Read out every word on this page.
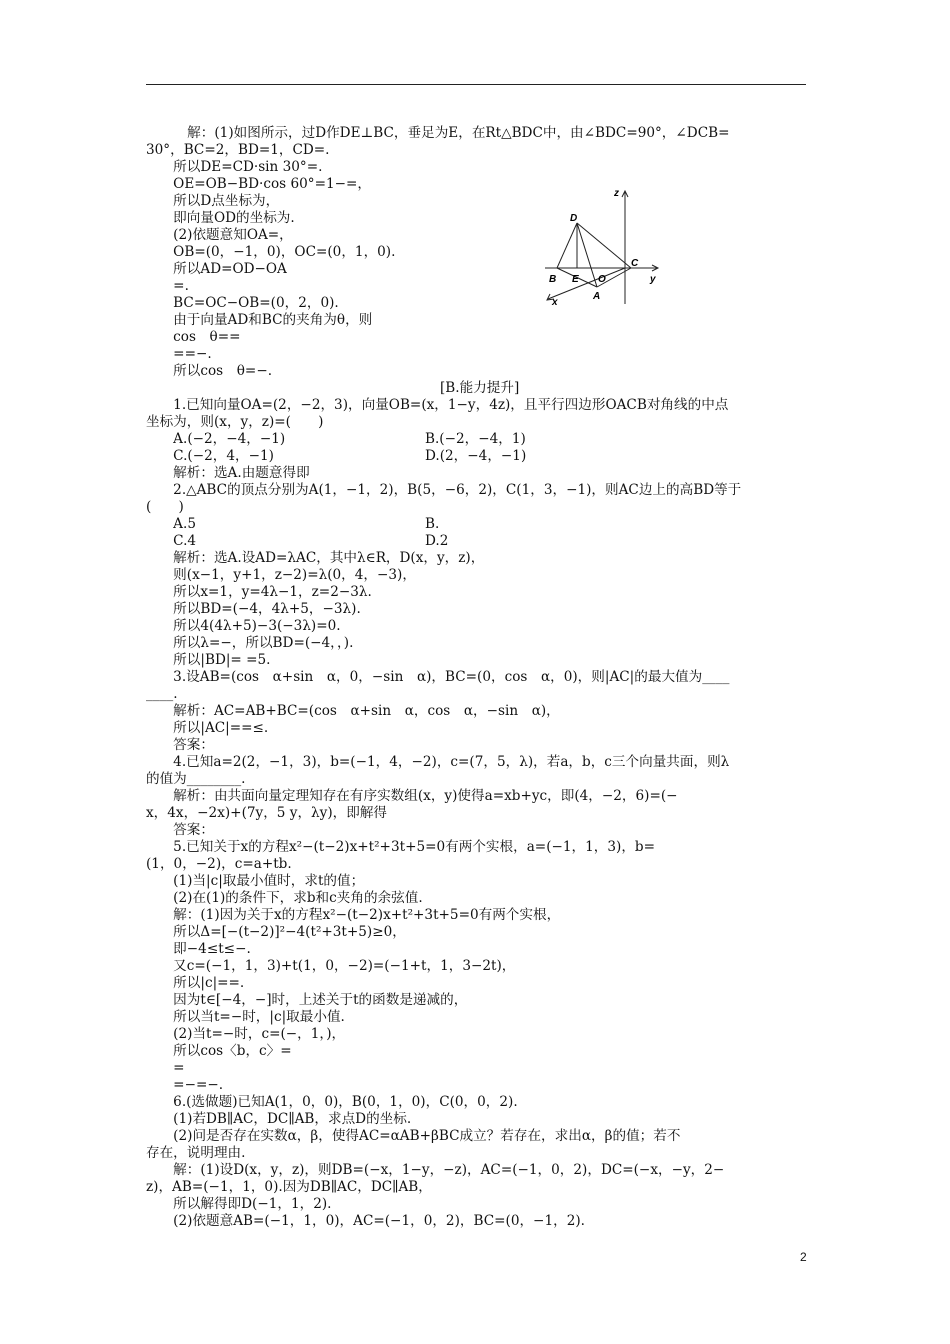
　　解：(1)如图所示，过D作DE⊥BC，垂足为E，在Rt△BDC中，由∠BDC=90°，∠DCB=
30°，BC=2，BD=1，CD=.
　　所以DE=CD·sin 30°=.
　　OE=OB−BD·cos 60°=1−=，
　　所以D点坐标为，
　　即向量OD的坐标为.
　　(2)依题意知OA=，
　　OB=(0，−1，0)，OC=(0，1，0).
　　所以AD=OD−OA
　　=.
　　BC=OC−OB=(0，2，0).
　　由于向量AD和BC的夹角为θ，则
　　cos　θ==
　　==−.
　　所以cos　θ=−.
[B.能力提升]
　　1.已知向量OA=(2，−2，3)，向量OB=(x，1−y，4z)，且平行四边形OACB对角线的中点
坐标为，则(x，y，z)=(　　)
　　A.(−2，−4，−1)	B.(−2，−4，1)
　　C.(−2，4，−1)	D.(2，−4，−1)
　　解析：选A.由题意得即
　　2.△ABC的顶点分别为A(1，−1，2)，B(5，−6，2)，C(1，3，−1)，则AC边上的高BD等于
(　　)
　　A.5	B.
　　C.4	D.2
　　解析：选A.设AD=λAC，其中λ∈R，D(x，y，z)，
　　则(x−1，y+1，z−2)=λ(0，4，−3)，
　　所以x=1，y=4λ−1，z=2−3λ.
　　所以BD=(−4，4λ+5，−3λ).
　　所以4(4λ+5)−3(−3λ)=0.
　　所以λ=−，所以BD=(−4，，).
　　所以|BD|= =5.
　　3.设AB=(cos　α+sin　α，0，−sin　α)，BC=(0，cos　α，0)，则|AC|的最大值为____
____.
　　解析：AC=AB+BC=(cos　α+sin　α，cos　α，−sin　α)，
　　所以|AC|==≤.
　　答案：
　　4.已知a=2(2，−1，3)，b=(−1，4，−2)，c=(7，5，λ)，若a，b，c三个向量共面，则λ
的值为________.
　　解析：由共面向量定理知存在有序实数组(x，y)使得a=xb+yc，即(4，−2，6)=(−
x，4x，−2x)+(7y，5 y，λy)，即解得
　　答案：
　　5.已知关于x的方程x²−(t−2)x+t²+3t+5=0有两个实根，a=(−1，1，3)，b=
(1，0，−2)，c=a+tb.
　　(1)当|c|取最小值时，求t的值；
　　(2)在(1)的条件下，求b和c夹角的余弦值.
　　解：(1)因为关于x的方程x²−(t−2)x+t²+3t+5=0有两个实根，
　　所以Δ=[−(t−2)]²−4(t²+3t+5)≥0，
　　即−4≤t≤−.
　　又c=(−1，1，3)+t(1，0，−2)=(−1+t，1，3−2t)，
　　所以|c|==.
　　因为t∈[−4，−]时，上述关于t的函数是递减的，
　　所以当t=−时，|c|取最小值.
　　(2)当t=−时，c=(−，1，)，
　　所以cos〈b，c〉=
　　=
　　=−=−.
　　6.(选做题)已知A(1，0，0)，B(0，1，0)，C(0，0，2).
　　(1)若DB∥AC，DC∥AB，求点D的坐标.
　　(2)问是否存在实数α，β，使得AC=αAB+βBC成立？若存在，求出α，β的值；若不
存在，说明理由.
　　解：(1)设D(x，y，z)，则DB=(−x，1−y，−z)，AC=(−1，0，2)，DC=(−x，−y，2−
z)，AB=(−1，1，0).因为DB∥AC，DC∥AB，
　　所以解得即D(−1，1，2).
　　(2)依题意AB=(−1，1，0)，AC=(−1，0，2)，BC=(0，−1，2).
z
D
B E O
C
y
x
A
2
